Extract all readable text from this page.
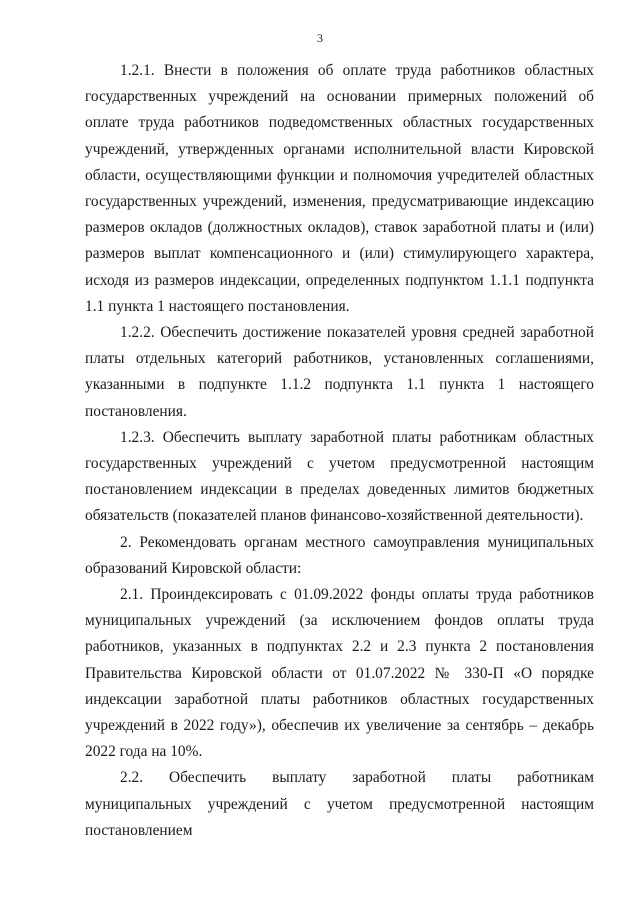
3

1.2.1. Внести в положения об оплате труда работников областных государственных учреждений на основании примерных положений об оплате труда работников подведомственных областных государственных учреждений, утвержденных органами исполнительной власти Кировской области, осуществляющими функции и полномочия учредителей областных государственных учреждений, изменения, предусматривающие индексацию размеров окладов (должностных окладов), ставок заработной платы и (или) размеров выплат компенсационного и (или) стимулирующего характера, исходя из размеров индексации, определенных подпунктом 1.1.1 подпункта 1.1 пункта 1 настоящего постановления.

1.2.2. Обеспечить достижение показателей уровня средней заработной платы отдельных категорий работников, установленных соглашениями, указанными в подпункте 1.1.2 подпункта 1.1 пункта 1 настоящего постановления.

1.2.3. Обеспечить выплату заработной платы работникам областных государственных учреждений с учетом предусмотренной настоящим постановлением индексации в пределах доведенных лимитов бюджетных обязательств (показателей планов финансово-хозяйственной деятельности).

2. Рекомендовать органам местного самоуправления муниципальных образований Кировской области:

2.1. Проиндексировать с 01.09.2022 фонды оплаты труда работников муниципальных учреждений (за исключением фондов оплаты труда работников, указанных в подпунктах 2.2 и 2.3 пункта 2 постановления Правительства Кировской области от 01.07.2022 № 330-П «О порядке индексации заработной платы работников областных государственных учреждений в 2022 году»), обеспечив их увеличение за сентябрь – декабрь 2022 года на 10%.

2.2. Обеспечить выплату заработной платы работникам муниципальных учреждений с учетом предусмотренной настоящим постановлением
